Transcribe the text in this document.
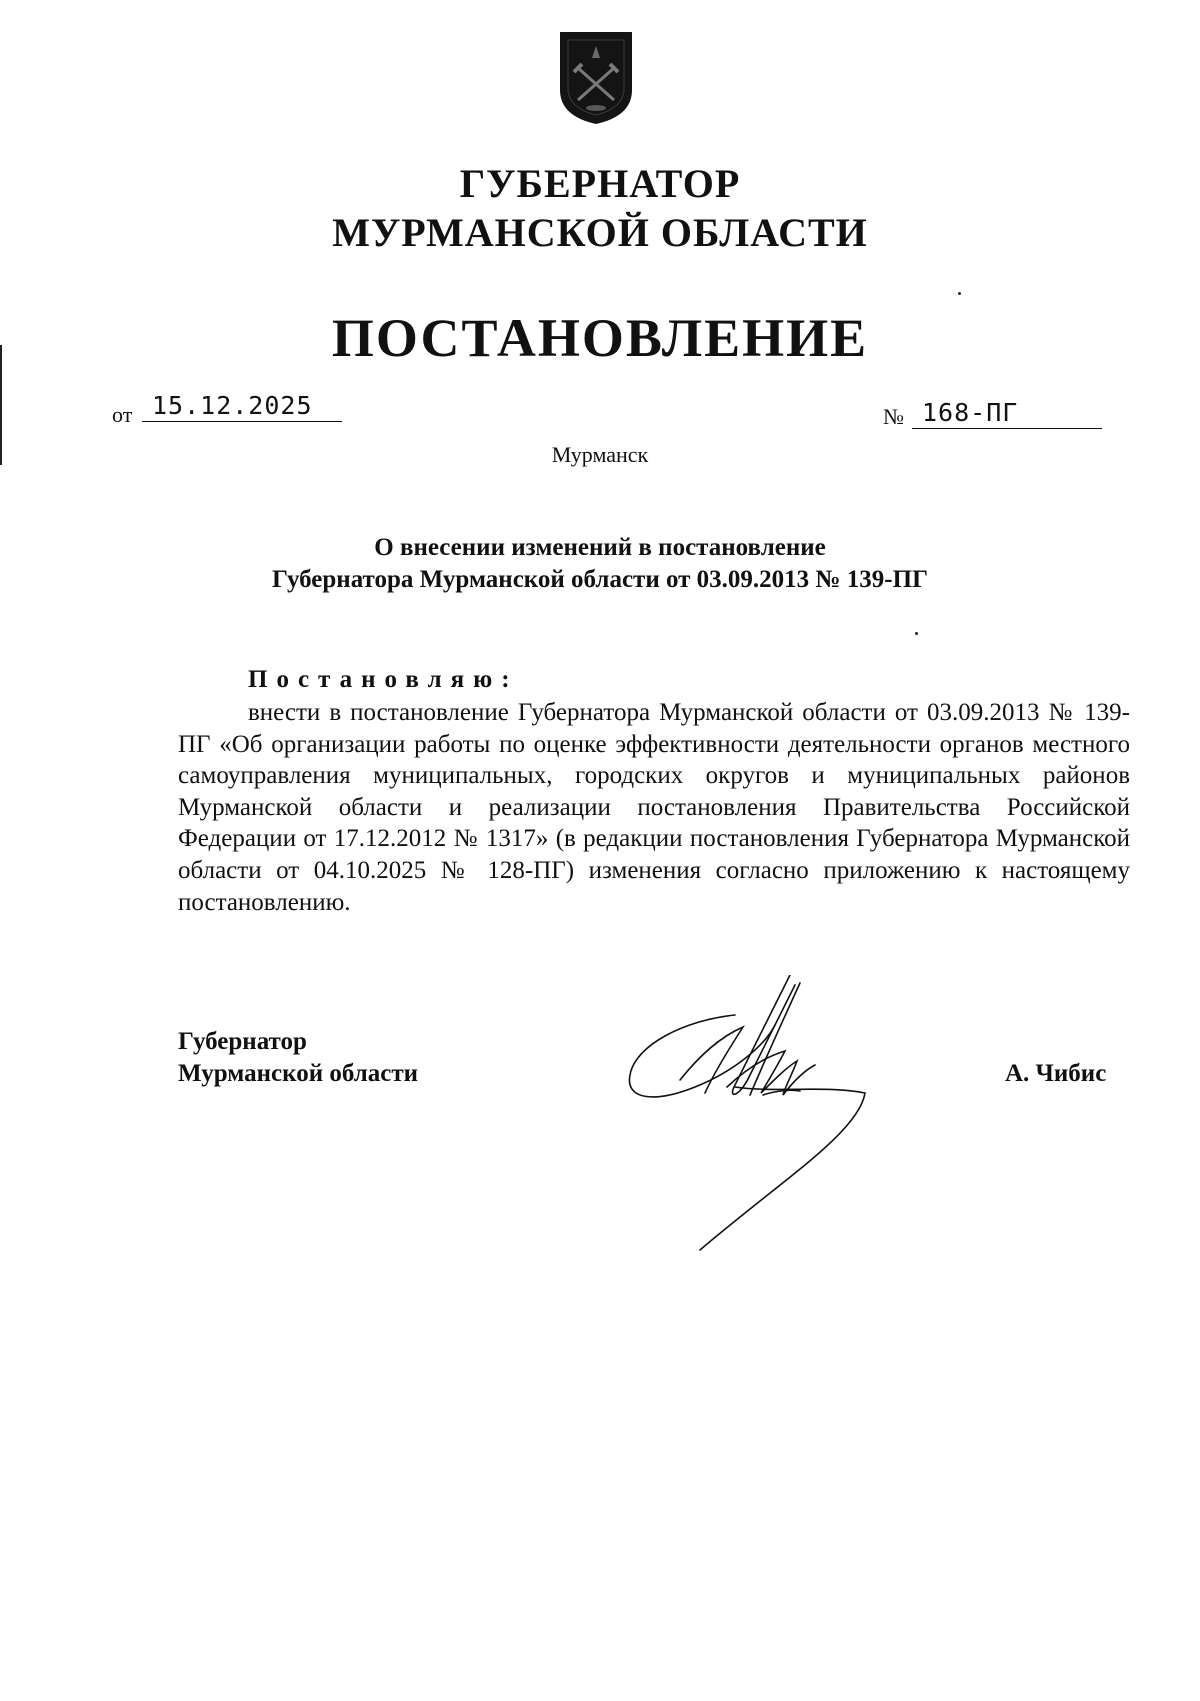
ГУБЕРНАТОР
МУРМАНСКОЙ ОБЛАСТИ
ПОСТАНОВЛЕНИЕ
от 15.12.2025	№ 168-ПГ
Мурманск
О внесении изменений в постановление
Губернатора Мурманской области от 03.09.2013 № 139-ПГ
Постановляю:
внести в постановление Губернатора Мурманской области от 03.09.2013 № 139-ПГ «Об организации работы по оценке эффективности деятельности органов местного самоуправления муниципальных, городских округов и муниципальных районов Мурманской области и реализации постановления Правительства Российской Федерации от 17.12.2012 № 1317» (в редакции постановления Губернатора Мурманской области от 04.10.2025 № 128-ПГ) изменения согласно приложению к настоящему постановлению.
Губернатор
Мурманской области	А. Чибис
